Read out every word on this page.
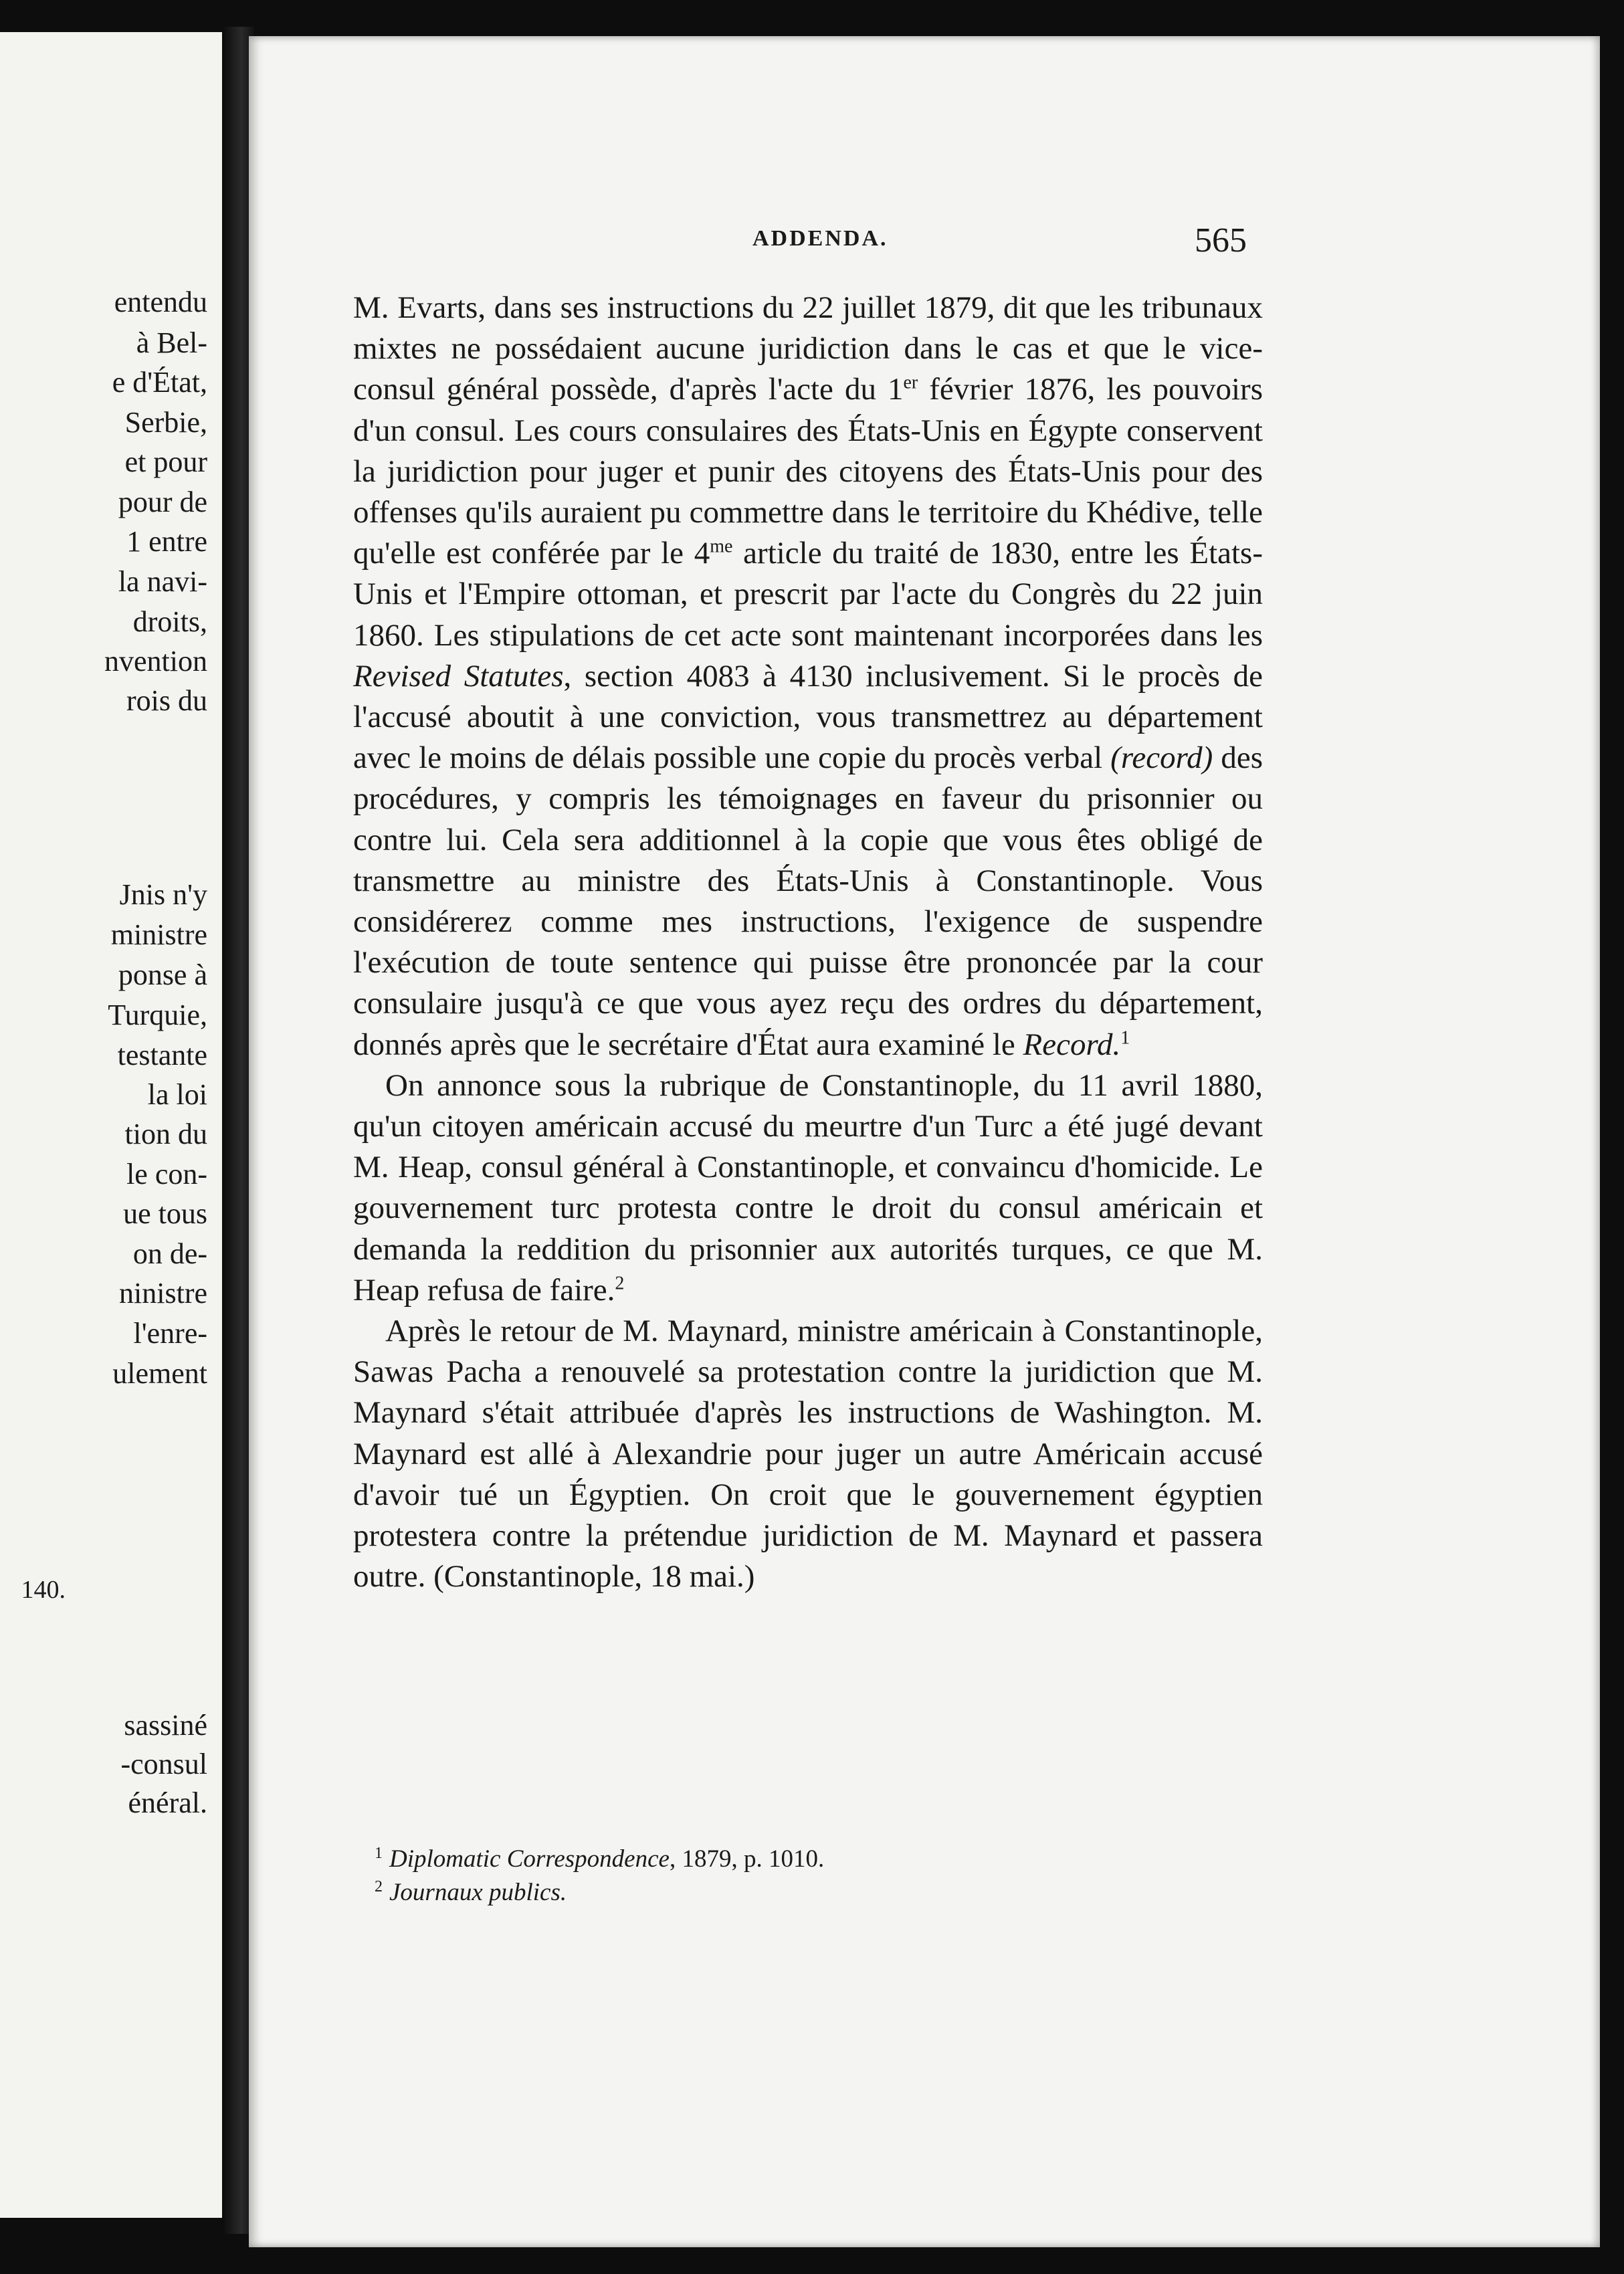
entendu
à Bel-
e d'État,
Serbie,
et pour
pour de
1 entre
la navi-
droits,
nvention
rois du
Jnis n'y
ministre
ponse à
Turquie,
testante
la loi
tion du
le con-
ue tous
on de-
ninistre
l'enre-
ulement
140.
sassiné
-consul
énéral.
ADDENDA.	565

M. Evarts, dans ses instructions du 22 juillet 1879, dit que les tribunaux mixtes ne possédaient aucune juridiction dans le cas et que le vice-consul général possède, d'après l'acte du 1er février 1876, les pouvoirs d'un consul. Les cours consulaires des États-Unis en Égypte conservent la juridiction pour juger et punir des citoyens des États-Unis pour des offenses qu'ils auraient pu commettre dans le territoire du Khédive, telle qu'elle est conférée par le $4^{me}$ article du traité de 1830, entre les États-Unis et l'Empire ottoman, et prescrit par l'acte du Congrès du 22 juin 1860. Les stipulations de cet acte sont maintenant incorporées dans les Revised Statutes, section 4083 à 4130 inclusivement. Si le procès de l'accusé aboutit à une conviction, vous transmettrez au département avec le moins de délais possible une copie du procès verbal (record) des procédures, y compris les témoignages en faveur du prisonnier ou contre lui. Cela sera additionnel à la copie que vous êtes obligé de transmettre au ministre des États-Unis à Constantinople. Vous considérerez comme mes instructions, l'exigence de suspendre l'exécution de toute sentence qui puisse être prononcée par la cour consulaire jusqu'à ce que vous ayez reçu des ordres du département, donnés après que le secrétaire d'État aura examiné le Record.$^1$

On annonce sous la rubrique de Constantinople, du 11 avril 1880, qu'un citoyen américain accusé du meurtre d'un Turc a été jugé devant M. Heap, consul général à Constantinople, et convaincu d'homicide. Le gouvernement turc protesta contre le droit du consul américain et demanda la reddition du prisonnier aux autorités turques, ce que M. Heap refusa de faire.$^2$

Après le retour de M. Maynard, ministre américain à Constantinople, Sawas Pacha a renouvelé sa protestation contre la juridiction que M. Maynard s'était attribuée d'après les instructions de Washington. M. Maynard est allé à Alexandrie pour juger un autre Américain accusé d'avoir tué un Égyptien. On croit que le gouvernement égyptien protestera contre la prétendue juridiction de M. Maynard et passera outre. (Constantinople, 18 mai.)

$^1$ Diplomatic Correspondence, 1879, p. 1010.
$^2$ Journaux publics.
